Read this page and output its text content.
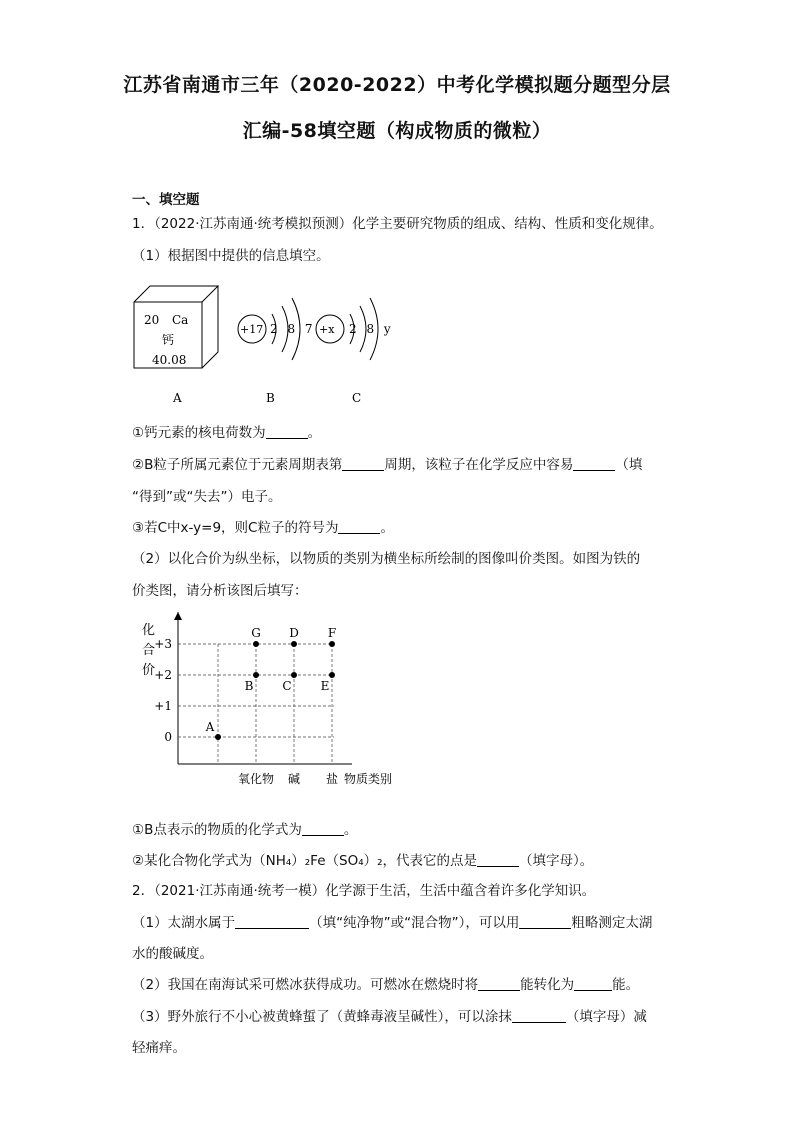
江苏省南通市三年（2020-2022）中考化学模拟题分题型分层
汇编-58填空题（构成物质的微粒）
一、填空题
1．（2022·江苏南通·统考模拟预测）化学主要研究物质的组成、结构、性质和变化规律。
（1）根据图中提供的信息填空。
20 Ca
钙
40.08
+17 2 8 7 +x 2 8 y
A	B	C
①钙元素的核电荷数为	。
②B粒子所属元素位于元素周期表第	周期，该粒子在化学反应中容易	（填
“得到”或“失去”）电子。
③若C中x-y=9，则C粒子的符号为	。
（2）以化合价为纵坐标，以物质的类别为横坐标所绘制的图像叫价类图。如图为铁的
价类图，请分析该图后填写：
化
合
价
物质类别
0
+1
+2
+3
氧化物 碱 盐
A
B
G
C
D
E
F
①B点表示的物质的化学式为	。
②某化合物化学式为（NH₄）₂Fe（SO₄）₂，代表它的点是	（填字母）。
2．（2021·江苏南通·统考一模）化学源于生活，生活中蕴含着许多化学知识。
（1）太湖水属于	（填“纯净物”或“混合物”），可以用	粗略测定太湖
水的酸碱度。
（2）我国在南海试采可燃冰获得成功。可燃冰在燃烧时将	能转化为	能。
（3）野外旅行不小心被黄蜂蜇了（黄蜂毒液呈碱性），可以涂抹	（填字母）减
轻痛痒。
